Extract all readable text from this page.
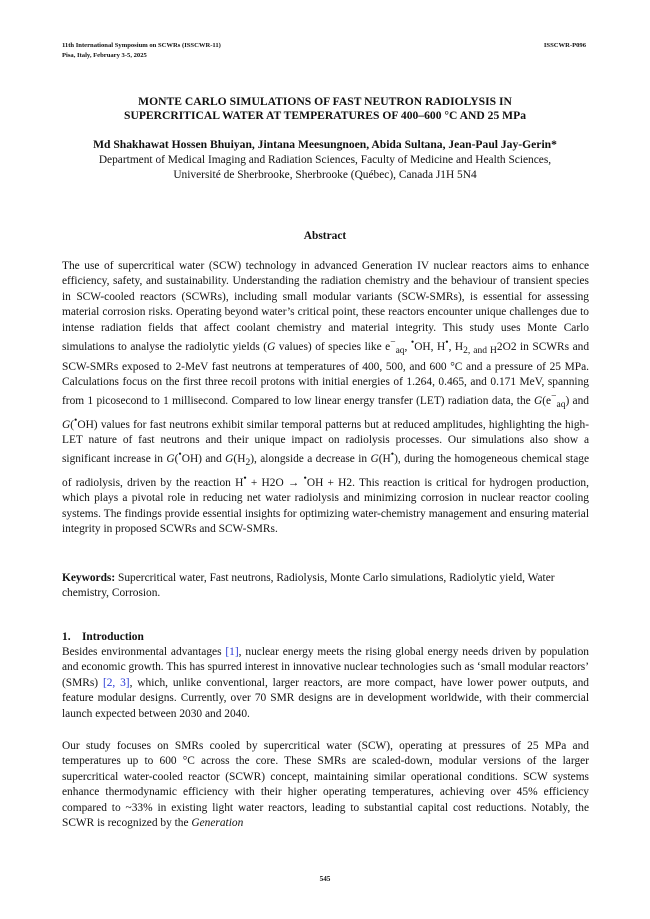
11th International Symposium on SCWRs (ISSCWR-11)
Pisa, Italy, February 3-5, 2025
ISSCWR-P096
MONTE CARLO SIMULATIONS OF FAST NEUTRON RADIOLYSIS IN
SUPERCRITICAL WATER AT TEMPERATURES OF 400–600 °C AND 25 MPa
Md Shakhawat Hossen Bhuiyan, Jintana Meesungnoen, Abida Sultana, Jean-Paul Jay-Gerin*
Department of Medical Imaging and Radiation Sciences, Faculty of Medicine and Health Sciences,
Université de Sherbrooke, Sherbrooke (Québec), Canada J1H 5N4
Abstract

The use of supercritical water (SCW) technology in advanced Generation IV nuclear reactors aims to enhance efficiency, safety, and sustainability. Understanding the radiation chemistry and the behaviour of transient species in SCW-cooled reactors (SCWRs), including small modular variants (SCW-SMRs), is essential for assessing material corrosion risks. Operating beyond water’s critical point, these reactors encounter unique challenges due to intense radiation fields that affect coolant chemistry and material integrity. This study uses Monte Carlo simulations to analyse the radiolytic yields (G values) of species like $e^-_{aq}$, •OH, H•, $H_{2, and H}2O2$ in SCWRs and SCW-SMRs exposed to 2-MeV fast neutrons at temperatures of 400, 500, and 600 °C and a pressure of 25 MPa. Calculations focus on the first three recoil protons with initial energies of 1.264, 0.465, and 0.171 MeV, spanning from 1 picosecond to 1 millisecond. Compared to low linear energy transfer (LET) radiation data, the $G(e^-_{aq})$ and G(•OH) values for fast neutrons exhibit similar temporal patterns but at reduced amplitudes, highlighting the high-LET nature of fast neutrons and their unique impact on radiolysis processes. Our simulations also show a significant increase in G(•OH) and $G(H_2)$, alongside a decrease in G(H•), during the homogeneous chemical stage of radiolysis, driven by the reaction H• + H2O → •OH + H2. This reaction is critical for hydrogen production, which plays a pivotal role in reducing net water radiolysis and minimizing corrosion in nuclear reactor cooling systems. The findings provide essential insights for optimizing water-chemistry management and ensuring material integrity in proposed SCWRs and SCW-SMRs.

Keywords: Supercritical water, Fast neutrons, Radiolysis, Monte Carlo simulations, Radiolytic yield, Water chemistry, Corrosion.

1. Introduction

Besides environmental advantages [1], nuclear energy meets the rising global energy needs driven by population and economic growth. This has spurred interest in innovative nuclear technologies such as ‘small modular reactors’ (SMRs) [2, 3], which, unlike conventional, larger reactors, are more compact, have lower power outputs, and feature modular designs. Currently, over 70 SMR designs are in development worldwide, with their commercial launch expected between 2030 and 2040.

Our study focuses on SMRs cooled by supercritical water (SCW), operating at pressures of 25 MPa and temperatures up to 600 °C across the core. These SMRs are scaled-down, modular versions of the larger supercritical water-cooled reactor (SCWR) concept, maintaining similar operational conditions. SCW systems enhance thermodynamic efficiency with their higher operating temperatures, achieving over 45% efficiency compared to ~33% in existing light water reactors, leading to substantial capital cost reductions. Notably, the SCWR is recognized by the Generation

545
